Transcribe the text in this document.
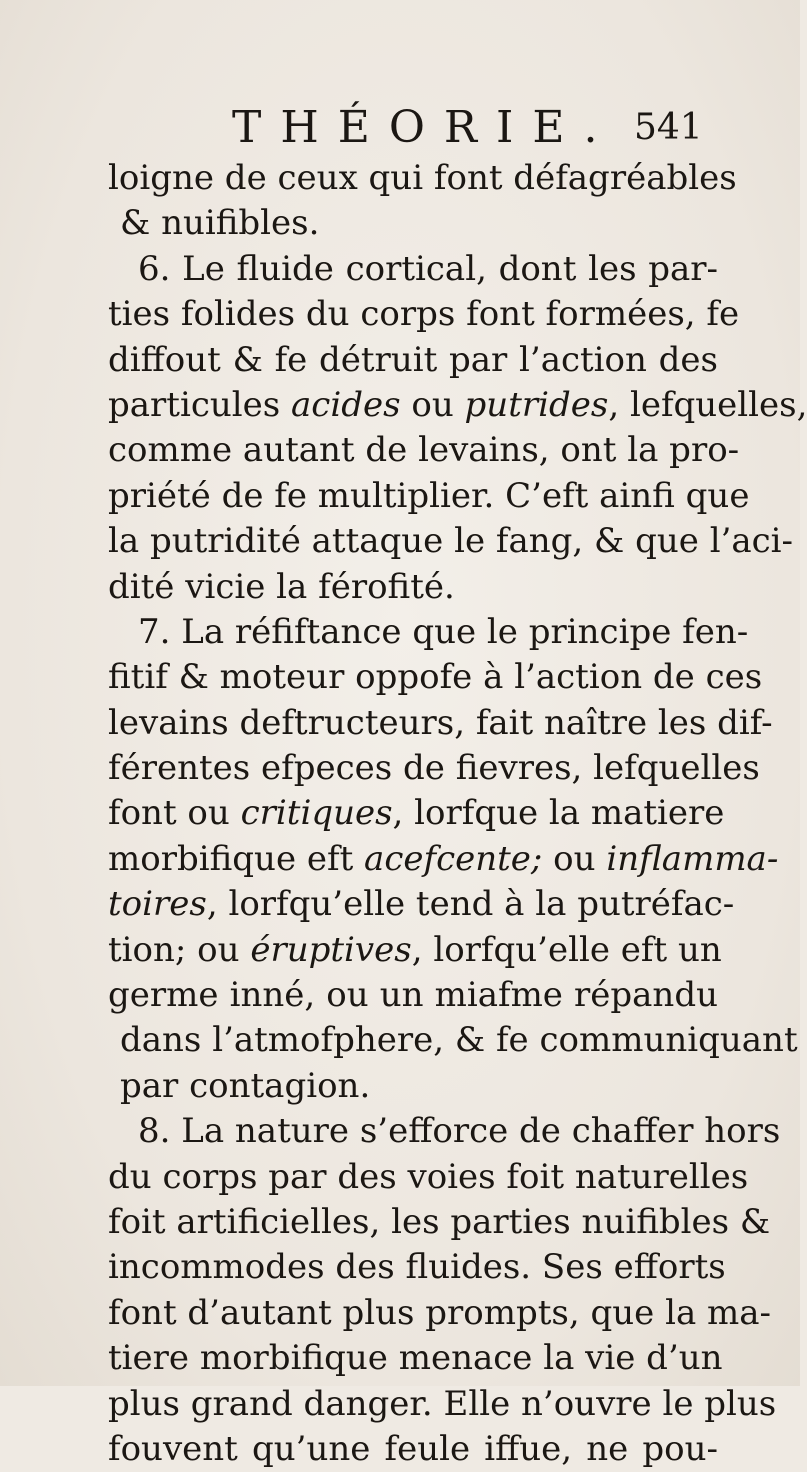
THÉORIE. 541
loigne de ceux qui font défagréables
& nuifibles.
6. Le fluide cortical, dont les par-
ties folides du corps font formées, fe
diffout & fe détruit par l’action des
particules acides ou putrides, lefquelles,
comme autant de levains, ont la pro-
priété de fe multiplier. C’eft ainfi que
la putridité attaque le fang, & que l’aci-
dité vicie la férofité.
7. La réfiftance que le principe fen-
fitif & moteur oppofe à l’action de ces
levains deftructeurs, fait naître les dif-
férentes efpeces de fievres, lefquelles
font ou critiques, lorfque la matiere
morbifique eft acefcente; ou inflamma-
toires, lorfqu’elle tend à la putréfac-
tion; ou éruptives, lorfqu’elle eft un
germe inné, ou un miafme répandu
dans l’atmofphere, & fe communiquant
par contagion.
8. La nature s’efforce de chaffer hors
du corps par des voies foit naturelles
foit artificielles, les parties nuifibles &
incommodes des fluides. Ses efforts
font d’autant plus prompts, que la ma-
tiere morbifique menace la vie d’un
plus grand danger. Elle n’ouvre le plus
fouvent qu’une feule iffue, ne pou-
